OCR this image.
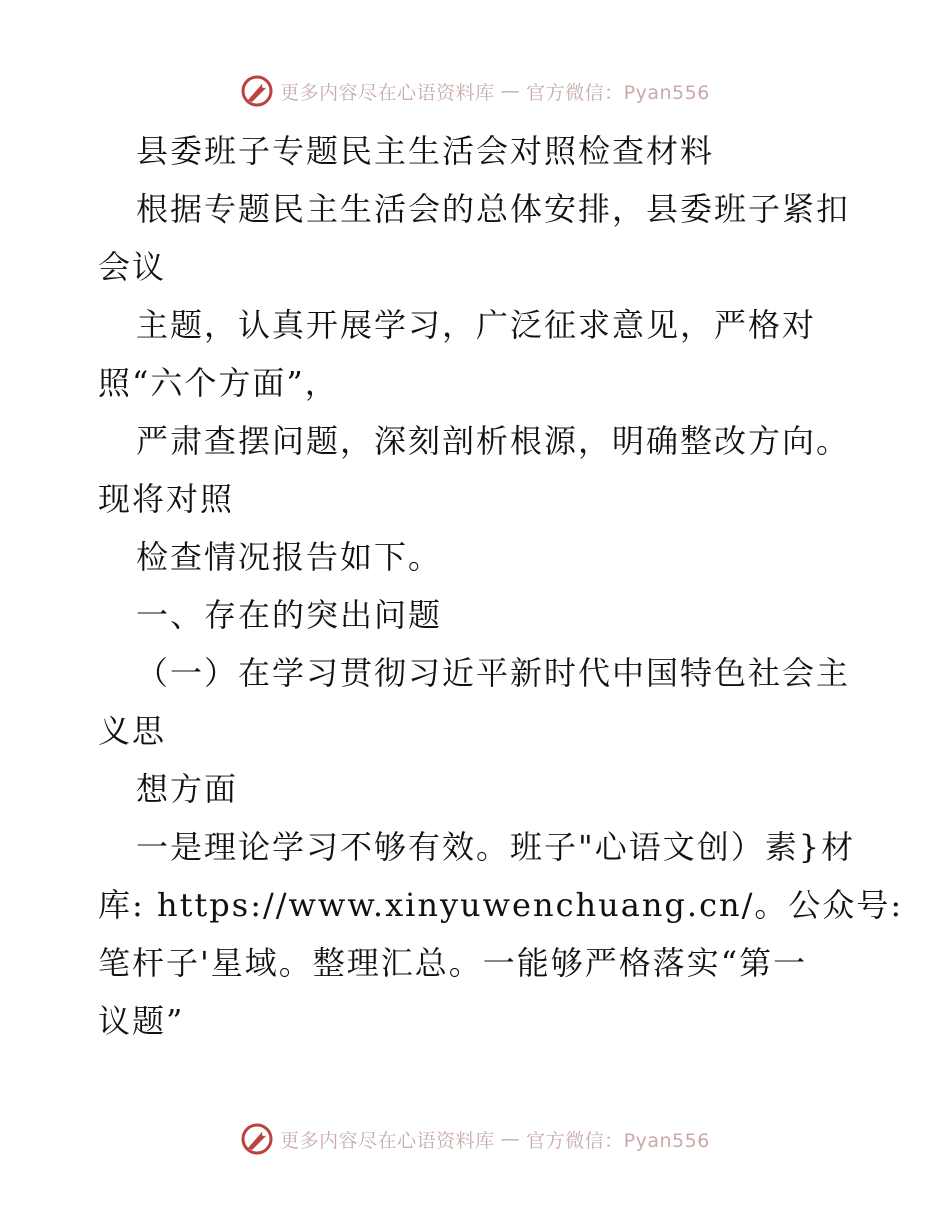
更多内容尽在心语资料库 — 官方微信：Pyan556
县委班子专题民主生活会对照检查材料
根据专题民主生活会的总体安排，县委班子紧扣
会议
主题，认真开展学习，广泛征求意见，严格对
照“六个方面”，
严肃查摆问题，深刻剖析根源，明确整改方向。
现将对照
检查情况报告如下。
一、存在的突出问题
（一）在学习贯彻习近平新时代中国特色社会主
义思
想方面
一是理论学习不够有效。班子"心语文创）素}材
库: https://www.xinyuwenchuang.cn/。公众号:
笔杆子'星域。整理汇总。一能够严格落实“第一
议题”
更多内容尽在心语资料库 — 官方微信：Pyan556
